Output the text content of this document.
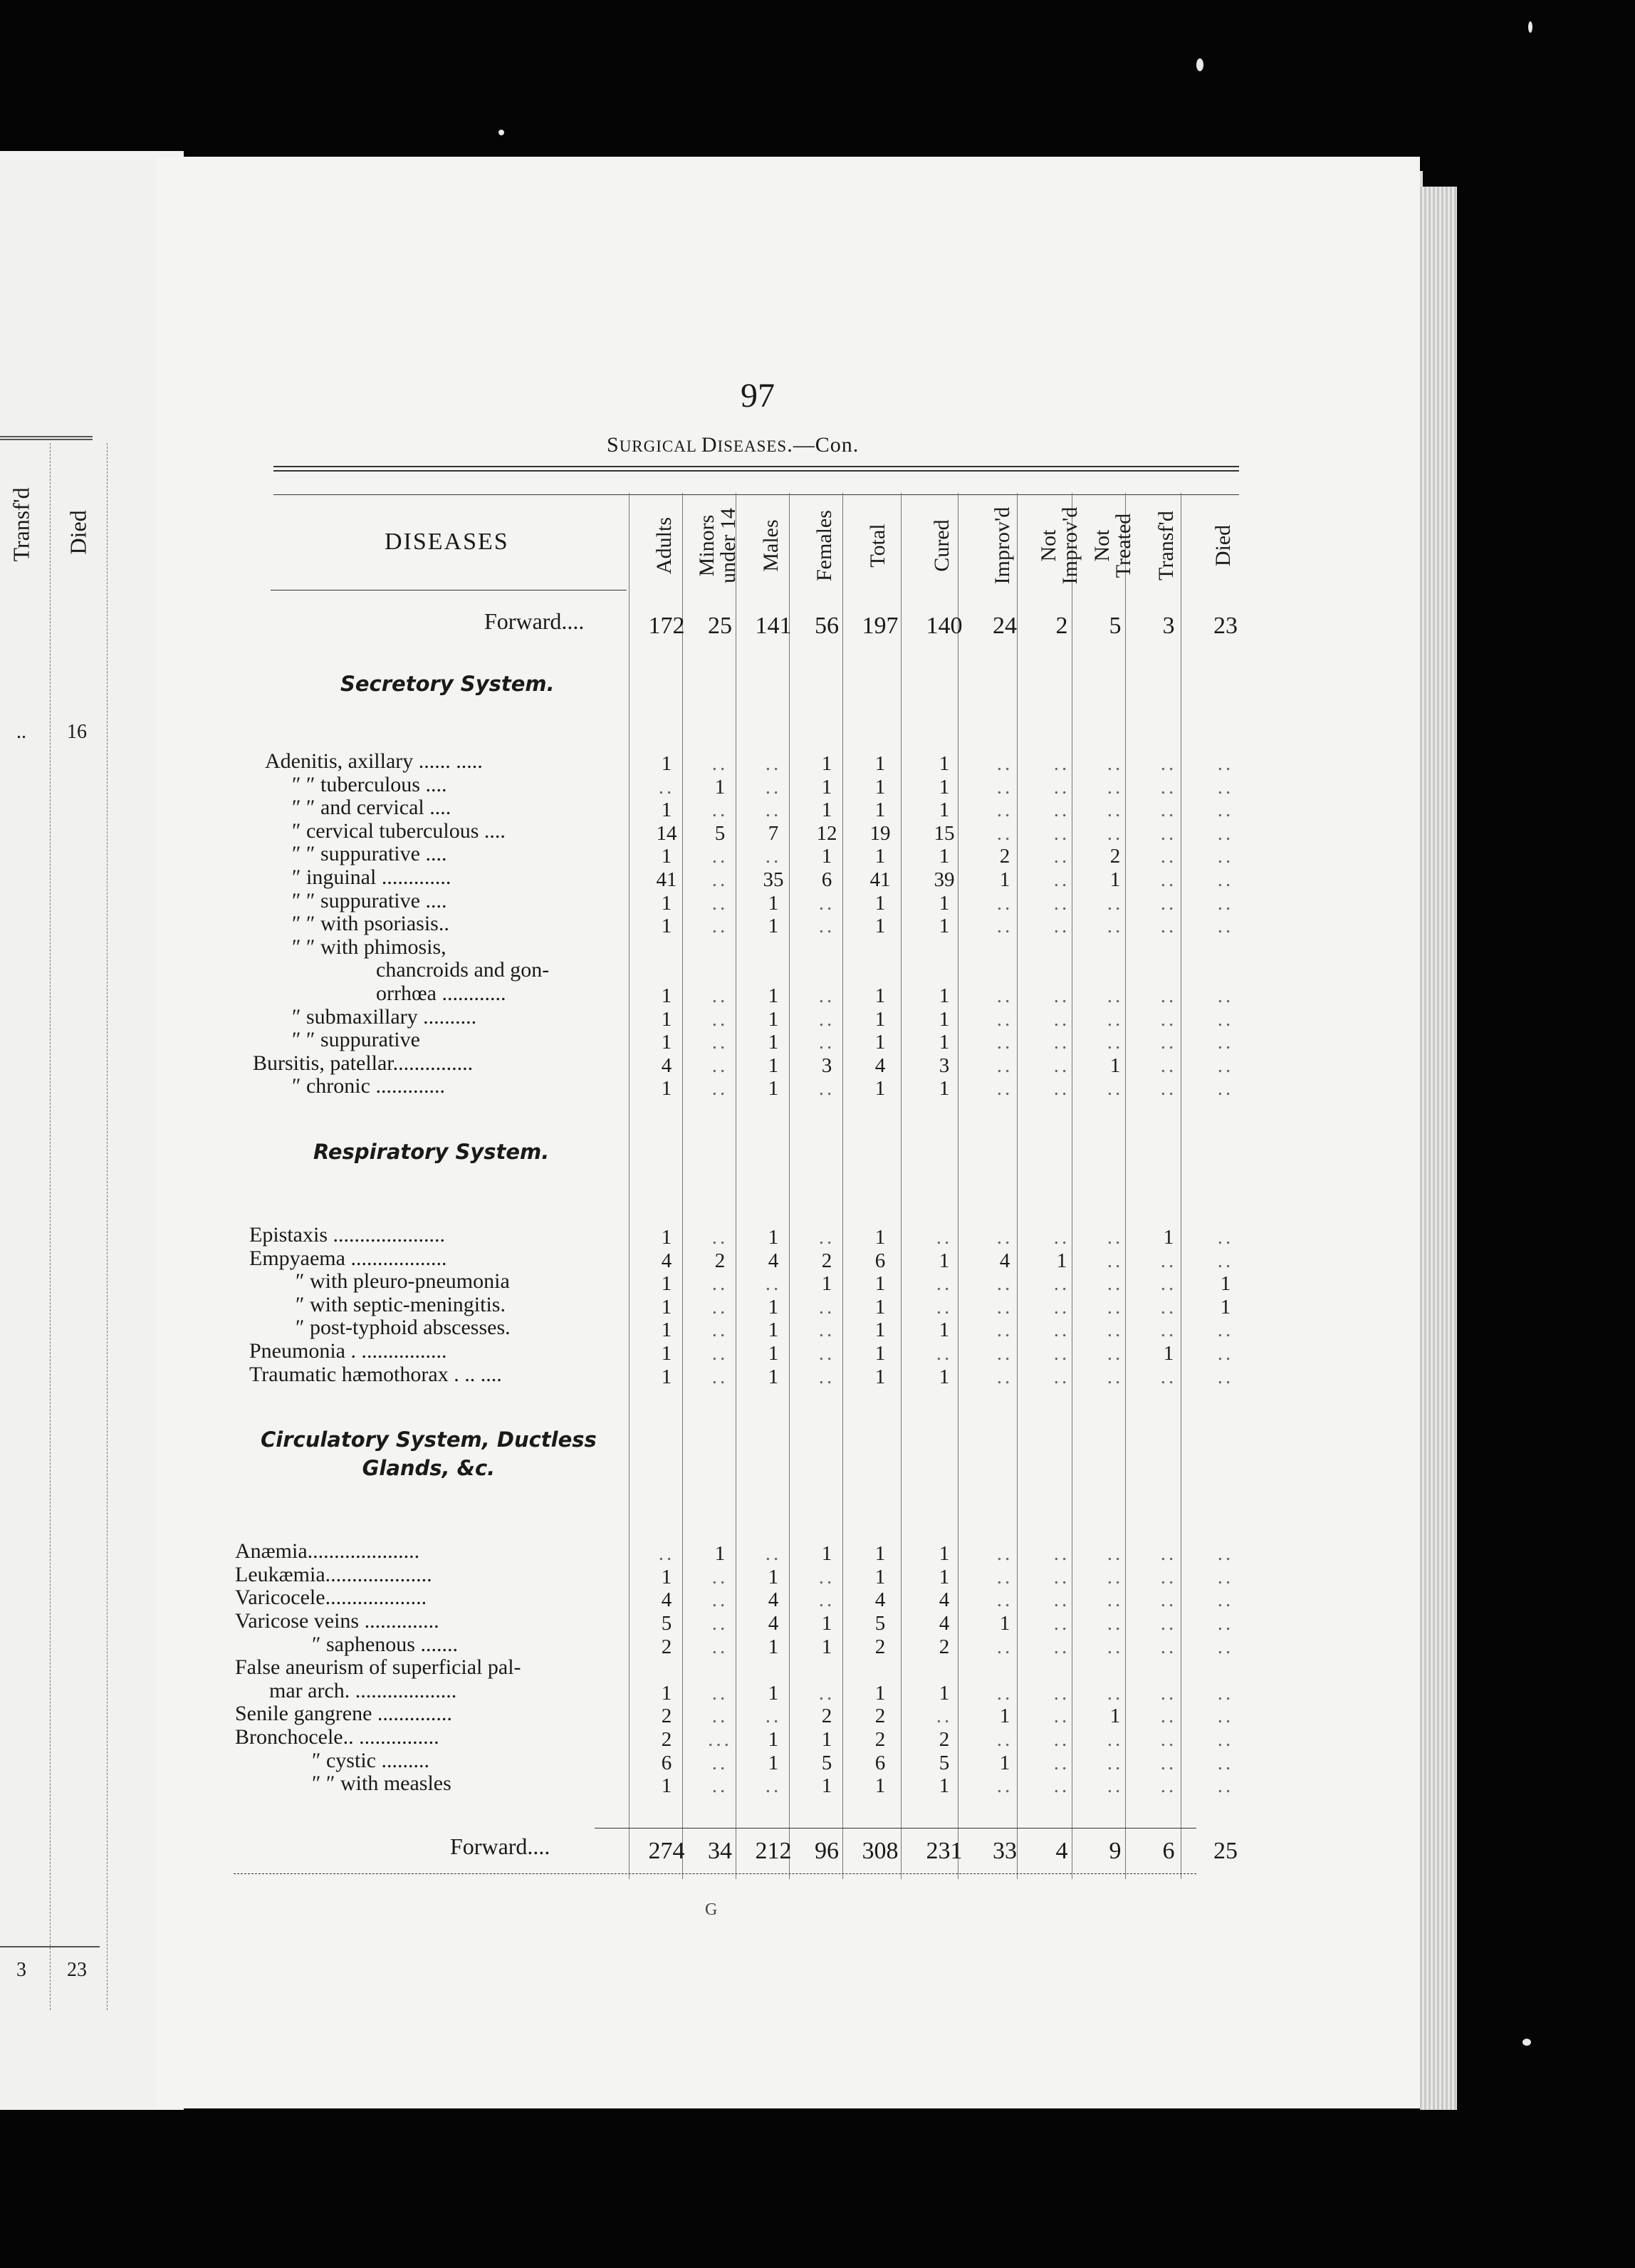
Transf'd Died
..	16
3	23
97
SURGICAL DISEASES.—Con.
DISEASES	Adults Minors
under 14
Males Females Total Cured Improv'd Not
Improv'd Not
Treated Transf'd Died
Forward....	172 25 141 56 197	140	24	2	5	3	23
Secretory System.
Adenitis, axillary ...... .....	1	..	..	1	1	1	..	..	..	..	..
″ ″ tuberculous ....	..	1	..	1	1	1	..	..	..	..	..
″ ″ and cervical ....	1	..	..	1	1	1	..	..	..	..	..
″ cervical tuberculous ....	14	5	7	12	19	15	..	..	..	..	..
″ ″ suppurative ....	1	..	..	1	1	1	2	..	2	..	..
″ inguinal .............	41	..	35	6	41	39	1	..	1	..	..
″ ″ suppurative ....	1	..	1	..	1	1	..	..	..	..	..
″ ″ with psoriasis..	1	..	1	..	1	1	..	..	..	..	..
″ ″ with phimosis,
chancroids and gon-
orrhœa ............	1	..	1	..	1	1	..	..	..	..	..
″ submaxillary ..........	1	..	1	..	1	1	..	..	..	..	..
″ ″ suppurative	1	..	1	..	1	1	..	..	..	..	..
Bursitis, patellar...............	4	..	1	3	4	3	..	..	1	..	..
″ chronic .............	1	..	1	..	1	1	..	..	..	..	..
Respiratory System.
Epistaxis .....................	1	..	1	..	1	..	..	..	..	1	..
Empyaema ..................	4	2	4	2	6	1	4	1	..	..	..
″ with pleuro-pneumonia	1	..	..	1	1	..	..	..	..	..	1
″ with septic-meningitis.	1	..	1	..	1	..	..	..	..	..	1
″ post-typhoid abscesses.	1	..	1	..	1	1	..	..	..	..	..
Pneumonia . ................	1	..	1	..	1	..	..	..	..	1	..
Traumatic hæmothorax . .. ....	1	..	1	..	1	1	..	..	..	..	..
Circulatory System, Ductless
Glands, &c.
Anæmia.....................	..	1	..	1	1	1	..	..	..	..	..
Leukæmia....................	1	..	1	..	1	1	..	..	..	..	..
Varicocele...................	4	..	4	..	4	4	..	..	..	..	..
Varicose veins ..............	5	..	4	1	5	4	1	..	..	..	..
″ saphenous .......	2	..	1	1	2	2	..	..	..	..	..
False aneurism of superficial pal-
mar arch. ...................	1	..	1	..	1	1	..	..	..	..	..
Senile gangrene ..............	2	..	..	2	2	..	1	..	1	..	..
Bronchocele.. ...............	2	...	1	1	2	2	..	..	..	..	..
″ cystic .........	6	..	1	5	6	5	1	..	..	..	..
″ ″ with measles	1	..	..	1	1	1	..	..	..	..	..
Forward....	274 34 212 96 308	231	33	4	9	6	25
G
